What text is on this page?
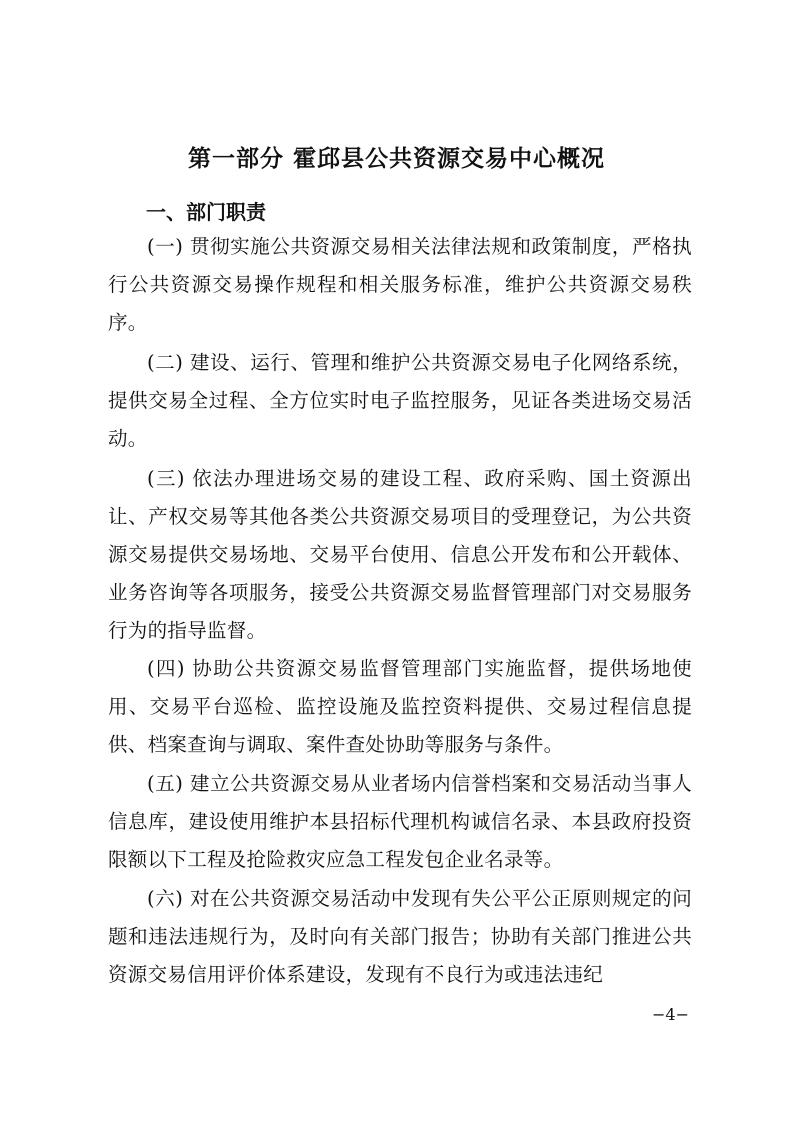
第一部分 霍邱县公共资源交易中心概况
一、部门职责

(一) 贯彻实施公共资源交易相关法律法规和政策制度，严格执行公共资源交易操作规程和相关服务标准，维护公共资源交易秩序。

(二) 建设、运行、管理和维护公共资源交易电子化网络系统，提供交易全过程、全方位实时电子监控服务，见证各类进场交易活动。

(三) 依法办理进场交易的建设工程、政府采购、国土资源出让、产权交易等其他各类公共资源交易项目的受理登记，为公共资源交易提供交易场地、交易平台使用、信息公开发布和公开载体、业务咨询等各项服务，接受公共资源交易监督管理部门对交易服务行为的指导监督。

(四) 协助公共资源交易监督管理部门实施监督，提供场地使用、交易平台巡检、监控设施及监控资料提供、交易过程信息提供、档案查询与调取、案件查处协助等服务与条件。

(五) 建立公共资源交易从业者场内信誉档案和交易活动当事人信息库，建设使用维护本县招标代理机构诚信名录、本县政府投资限额以下工程及抢险救灾应急工程发包企业名录等。

(六) 对在公共资源交易活动中发现有失公平公正原则规定的问题和违法违规行为，及时向有关部门报告；协助有关部门推进公共资源交易信用评价体系建设，发现有不良行为或违法违纪

−4−
